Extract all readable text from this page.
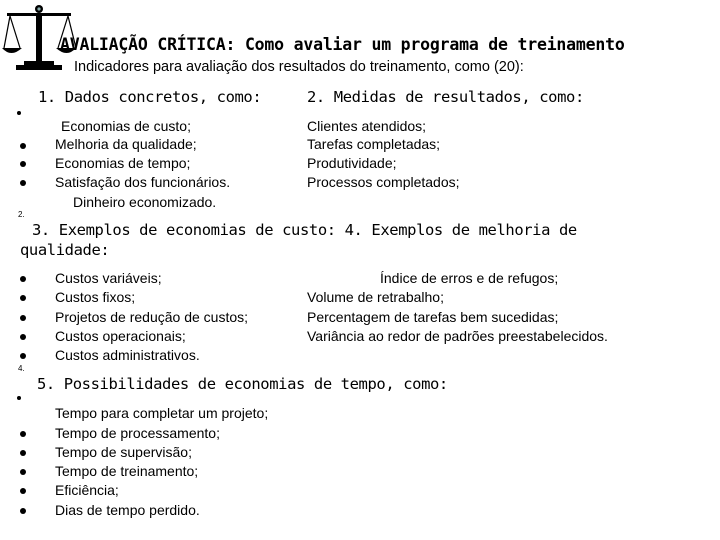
AVALIAÇÃO CRÍTICA: Como avaliar um programa de treinamento
Indicadores para avaliação dos resultados do treinamento, como (20):
1. Dados concretos, como:	2. Medidas de resultados, como:
Economias de custo;
Melhoria da qualidade;
Economias de tempo;
Satisfação dos funcionários.
Dinheiro economizado.
Clientes atendidos;
Tarefas completadas;
Produtividade;
Processos completados;
2.
3. Exemplos de economias de custo: 4. Exemplos de melhoria de qualidade:
Custos variáveis;
Custos fixos;
Projetos de redução de custos;
Custos operacionais;
Custos administrativos.
Índice de erros e de refugos;
Volume de retrabalho;
Percentagem de tarefas bem sucedidas;
Variância ao redor de padrões preestabelecidos.
4.
5. Possibilidades de economias de tempo, como:
Tempo para completar um projeto;
Tempo de processamento;
Tempo de supervisão;
Tempo de treinamento;
Eficiência;
Dias de tempo perdido.
